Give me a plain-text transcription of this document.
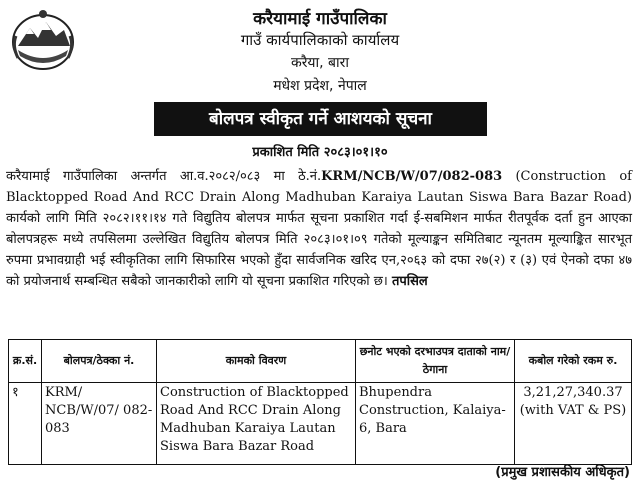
करैयामाई गाउँपालिका
गाउँ कार्यपालिकाको कार्यालय
करैया, बारा
मधेश प्रदेश, नेपाल
बोलपत्र स्वीकृत गर्ने आशयको सूचना
प्रकाशित मिति २०८३।०१।१०
करैयामाई गाउँपालिका अन्तर्गत आ.व.२०८२/०८३ मा ठे.नं.KRM/NCB/W/07/082-083 (Construction of Blacktopped Road And RCC Drain Along Madhuban Karaiya Lautan Siswa Bara Bazar Road) कार्यको लागि मिति २०८२।११।१४ गते विद्युतिय बोलपत्र मार्फत सूचना प्रकाशित गर्दा ई-सबमिशन मार्फत रीतपूर्वक दर्ता हुन आएका बोलपत्रहरू मध्ये तपसिलमा उल्लेखित विद्युतिय बोलपत्र मिति २०८३।०१।०९ गतेको मूल्याङ्कन समितिबाट न्यूनतम मूल्याङ्कित सारभूत रुपमा प्रभावग्राही भई स्वीकृतिका लागि सिफारिस भएको हुँदा सार्वजनिक खरिद एन,२०६३ को दफा २७(२) र (३) एवं ऐनको दफा ४७ को प्रयोजनार्थ सम्बन्धित सबैको जानकारीको लागि यो सूचना प्रकाशित गरिएको छ। तपसिल
क्र.सं.	बोलपत्र/ठेक्का नं.	कामको विवरण	छनोट भएको दरभाउपत्र दाताको नाम/ठेगाना	कबोल गरेको रकम रु.
१	KRM/ NCB/W/07/ 082-083	Construction of Blacktopped Road And RCC Drain Along Madhuban Karaiya Lautan Siswa Bara Bazar Road	Bhupendra Construction, Kalaiya-6, Bara	3,21,27,340.37 (with VAT & PS)
(प्रमुख प्रशासकीय अधिकृत)
